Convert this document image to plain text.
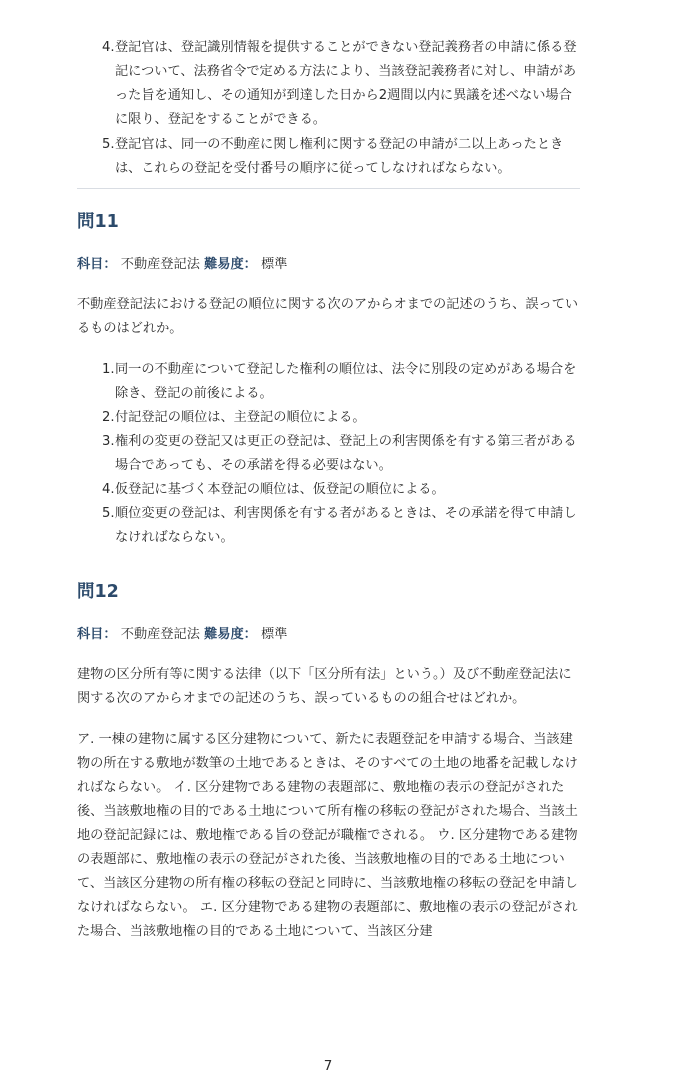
4. 登記官は、登記識別情報を提供することができない登記義務者の申請に係る登記について、法務省令で定める方法により、当該登記義務者に対し、申請があった旨を通知し、その通知が到達した日から2週間以内に異議を述べない場合に限り、登記をすることができる。
5. 登記官は、同一の不動産に関し権利に関する登記の申請が二以上あったときは、これらの登記を受付番号の順序に従ってしなければならない。
問11

科目： 不動産登記法 難易度： 標準

不動産登記法における登記の順位に関する次のアからオまでの記述のうち、誤っているものはどれか。

1. 同一の不動産について登記した権利の順位は、法令に別段の定めがある場合を除き、登記の前後による。
2. 付記登記の順位は、主登記の順位による。
3. 権利の変更の登記又は更正の登記は、登記上の利害関係を有する第三者がある場合であっても、その承諾を得る必要はない。
4. 仮登記に基づく本登記の順位は、仮登記の順位による。
5. 順位変更の登記は、利害関係を有する者があるときは、その承諾を得て申請しなければならない。
問12

科目： 不動産登記法 難易度： 標準

建物の区分所有等に関する法律（以下「区分所有法」という。）及び不動産登記法に関する次のアからオまでの記述のうち、誤っているものの組合せはどれか。

ア. 一棟の建物に属する区分建物について、新たに表題登記を申請する場合、当該建物の所在する敷地が数筆の土地であるときは、そのすべての土地の地番を記載しなければならない。 イ. 区分建物である建物の表題部に、敷地権の表示の登記がされた後、当該敷地権の目的である土地について所有権の移転の登記がされた場合、当該土地の登記記録には、敷地権である旨の登記が職権でされる。 ウ. 区分建物である建物の表題部に、敷地権の表示の登記がされた後、当該敷地権の目的である土地について、当該区分建物の所有権の移転の登記と同時に、当該敷地権の移転の登記を申請しなければならない。 エ. 区分建物である建物の表題部に、敷地権の表示の登記がされた場合、当該敷地権の目的である土地について、当該区分建

7
